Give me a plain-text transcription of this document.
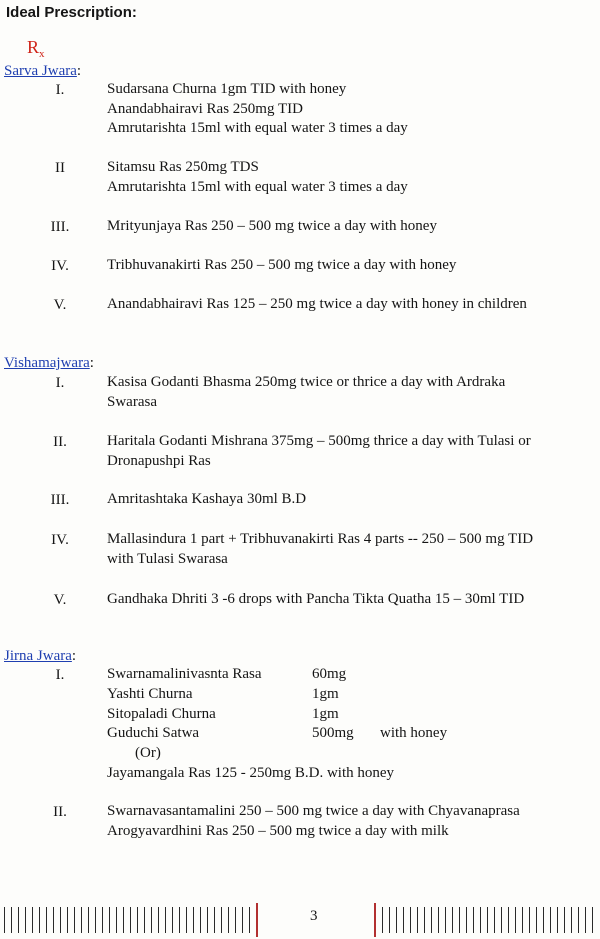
Ideal Prescription:
$R_x$
Sarva Jwara:
I.	Sudarsana Churna 1gm TID with honey
Anandabhairavi Ras 250mg TID
Amrutarishta 15ml with equal water 3 times a day
II	Sitamsu Ras 250mg TDS
Amrutarishta 15ml with equal water 3 times a day
III.	Mrityunjaya Ras 250 – 500 mg twice a day with honey
IV.	Tribhuvanakirti Ras 250 – 500 mg twice a day with honey
V.	Anandabhairavi Ras 125 – 250 mg twice a day with honey in children
Vishamajwara:
I.	Kasisa Godanti Bhasma 250mg twice or thrice a day with Ardraka
Swarasa
II.	Haritala Godanti Mishrana 375mg – 500mg thrice a day with Tulasi or
Dronapushpi Ras
III.	Amritashtaka Kashaya 30ml B.D
IV.	Mallasindura 1 part + Tribhuvanakirti Ras 4 parts -- 250 – 500 mg TID
with Tulasi Swarasa
V.	Gandhaka Dhriti 3 -6 drops with Pancha Tikta Quatha 15 – 30ml TID
Jirna Jwara:
I.	Swarnamalinivasnta Rasa	60mg
Yashti Churna	1gm
Sitopaladi Churna	1gm
Guduchi Satwa	500mg with honey
(Or)
Jayamangala Ras 125 - 250mg B.D. with honey
II.	Swarnavasantamalini 250 – 500 mg twice a day with Chyavanaprasa
Arogyavardhini Ras 250 – 500 mg twice a day with milk
3
